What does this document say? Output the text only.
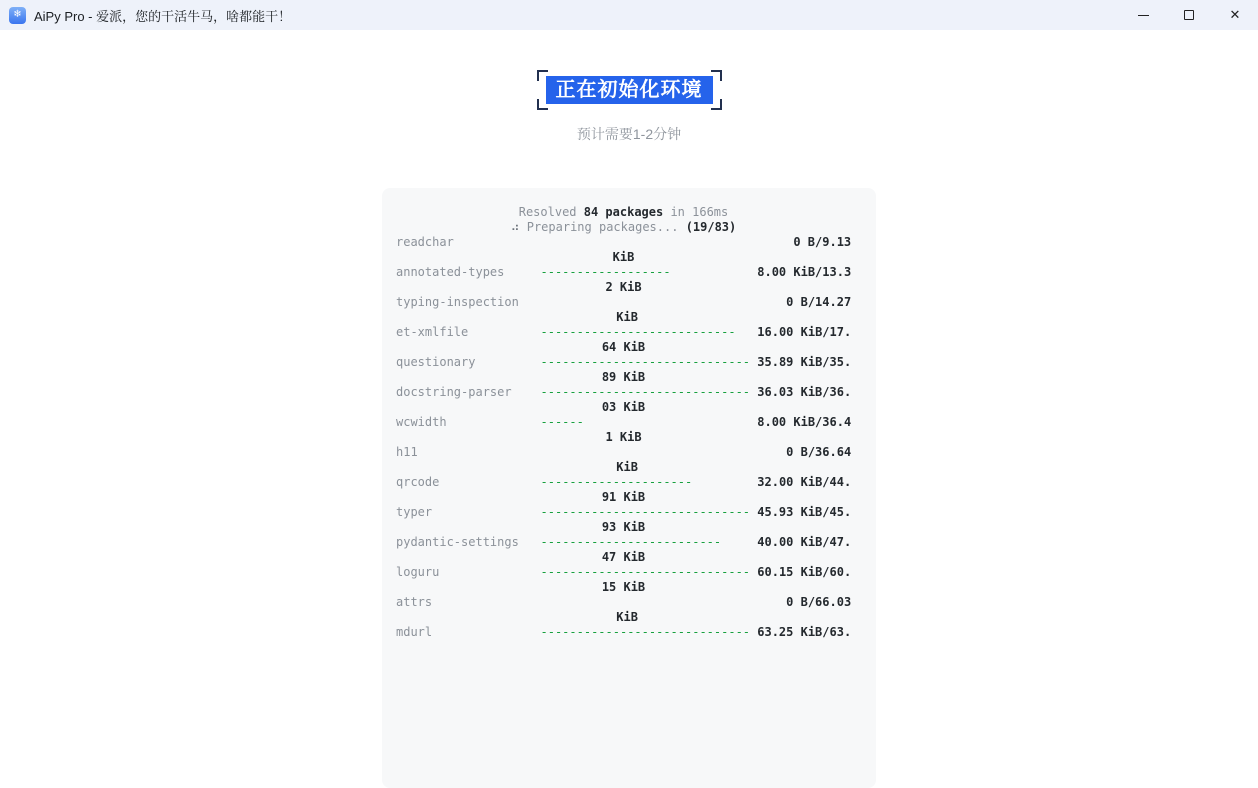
❄ AiPy Pro - 爱派，您的干活牛马，啥都能干！	✕
正在初始化环境
预计需要1-2分钟
Resolved 84 packages in 166ms
⠴ Preparing packages... (19/83)
readchar	0 B/9.13
KiB
annotated-types	------------------	8.00 KiB/13.3
2 KiB
typing-inspection	0 B/14.27
KiB
et-xmlfile	--------------------------- 16.00 KiB/17.
64 KiB
questionary	----------------------------- 35.89 KiB/35.
89 KiB
docstring-parser ----------------------------- 36.03 KiB/36.
03 KiB
wcwidth	------	8.00 KiB/36.4
1 KiB
h11	0 B/36.64
KiB
qrcode	---------------------	32.00 KiB/44.
91 KiB
typer	----------------------------- 45.93 KiB/45.
93 KiB
pydantic-settings -------------------------	40.00 KiB/47.
47 KiB
loguru	----------------------------- 60.15 KiB/60.
15 KiB
attrs	0 B/66.03
KiB
mdurl	----------------------------- 63.25 KiB/63.
